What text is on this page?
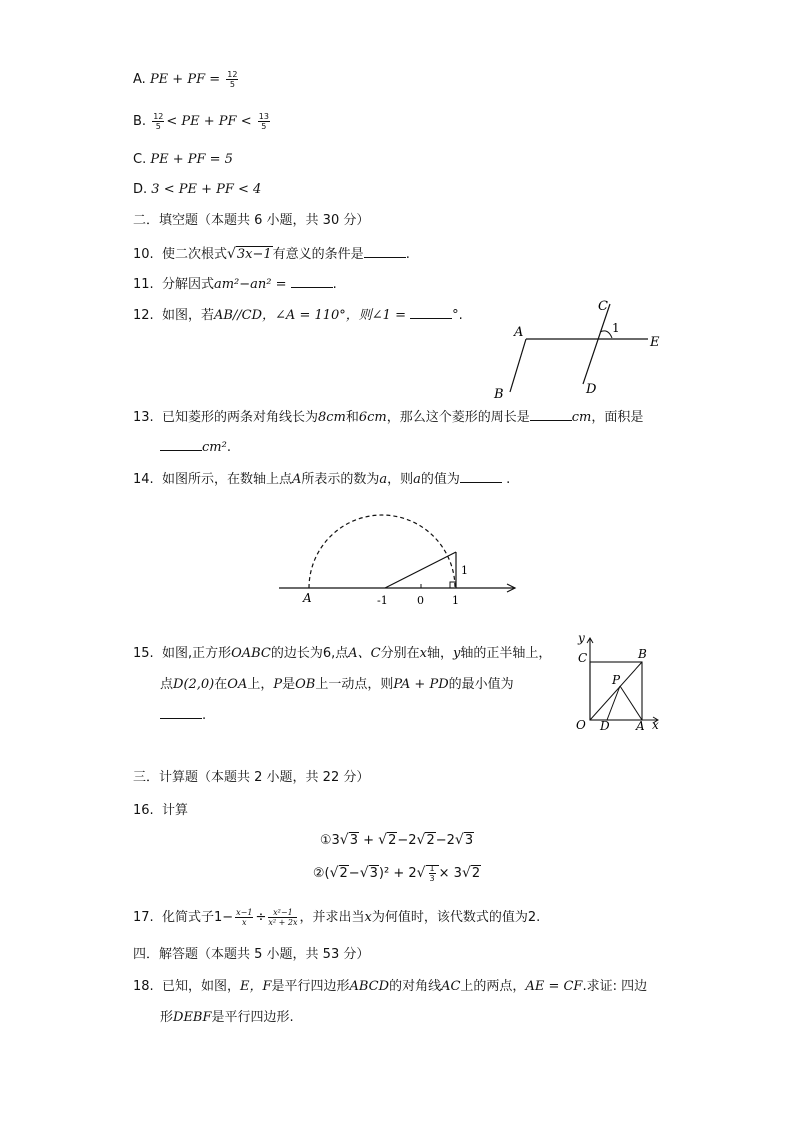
A. PE + PF = $\frac{12}{5}$
B. $\frac{12}{5}$ < PE + PF < $\frac{13}{5}$
C. PE + PF = 5
D. 3 < PE + PF < 4
二．填空题（本题共 6 小题，共 30 分）
10. 使二次根式√3x−1有意义的条件是	.
11. 分解因式am²−an² =	.
12. 如图，若AB//CD，∠A = 110°，则∠1 =	°.
A
B
C
D
E
1
13. 已知菱形的两条对角线长为8cm和6cm，那么这个菱形的周长是	cm，面积是
cm².
14. 如图所示，在数轴上点A所表示的数为a，则a的值为	.
A	-1	0	1
1
15. 如图,正方形OABC的边长为6,点A、C分别在x轴，y轴的正半轴上，
点D(2,0)在OA上，P是OB上一动点，则PA + PD的最小值为
.
y
x
O	A
D
B
C
P
三．计算题（本题共 2 小题，共 22 分）
16. 计算
①3√3 + √2−2√2−2√3
②(√2−√3)² + $2√ \frac{1}{3} \times 3√2$
17. 化简式子$1- \frac{x-1}{x} \div \frac{\text{x²−1}}{\text{x² + 2x}}$ ，并求出当x为何值时，该代数式的值为2.
四．解答题（本题共 5 小题，共 53 分）
18. 已知，如图，E，F是平行四边形ABCD的对角线AC上的两点，AE = CF.求证: 四边
形DEBF是平行四边形.
